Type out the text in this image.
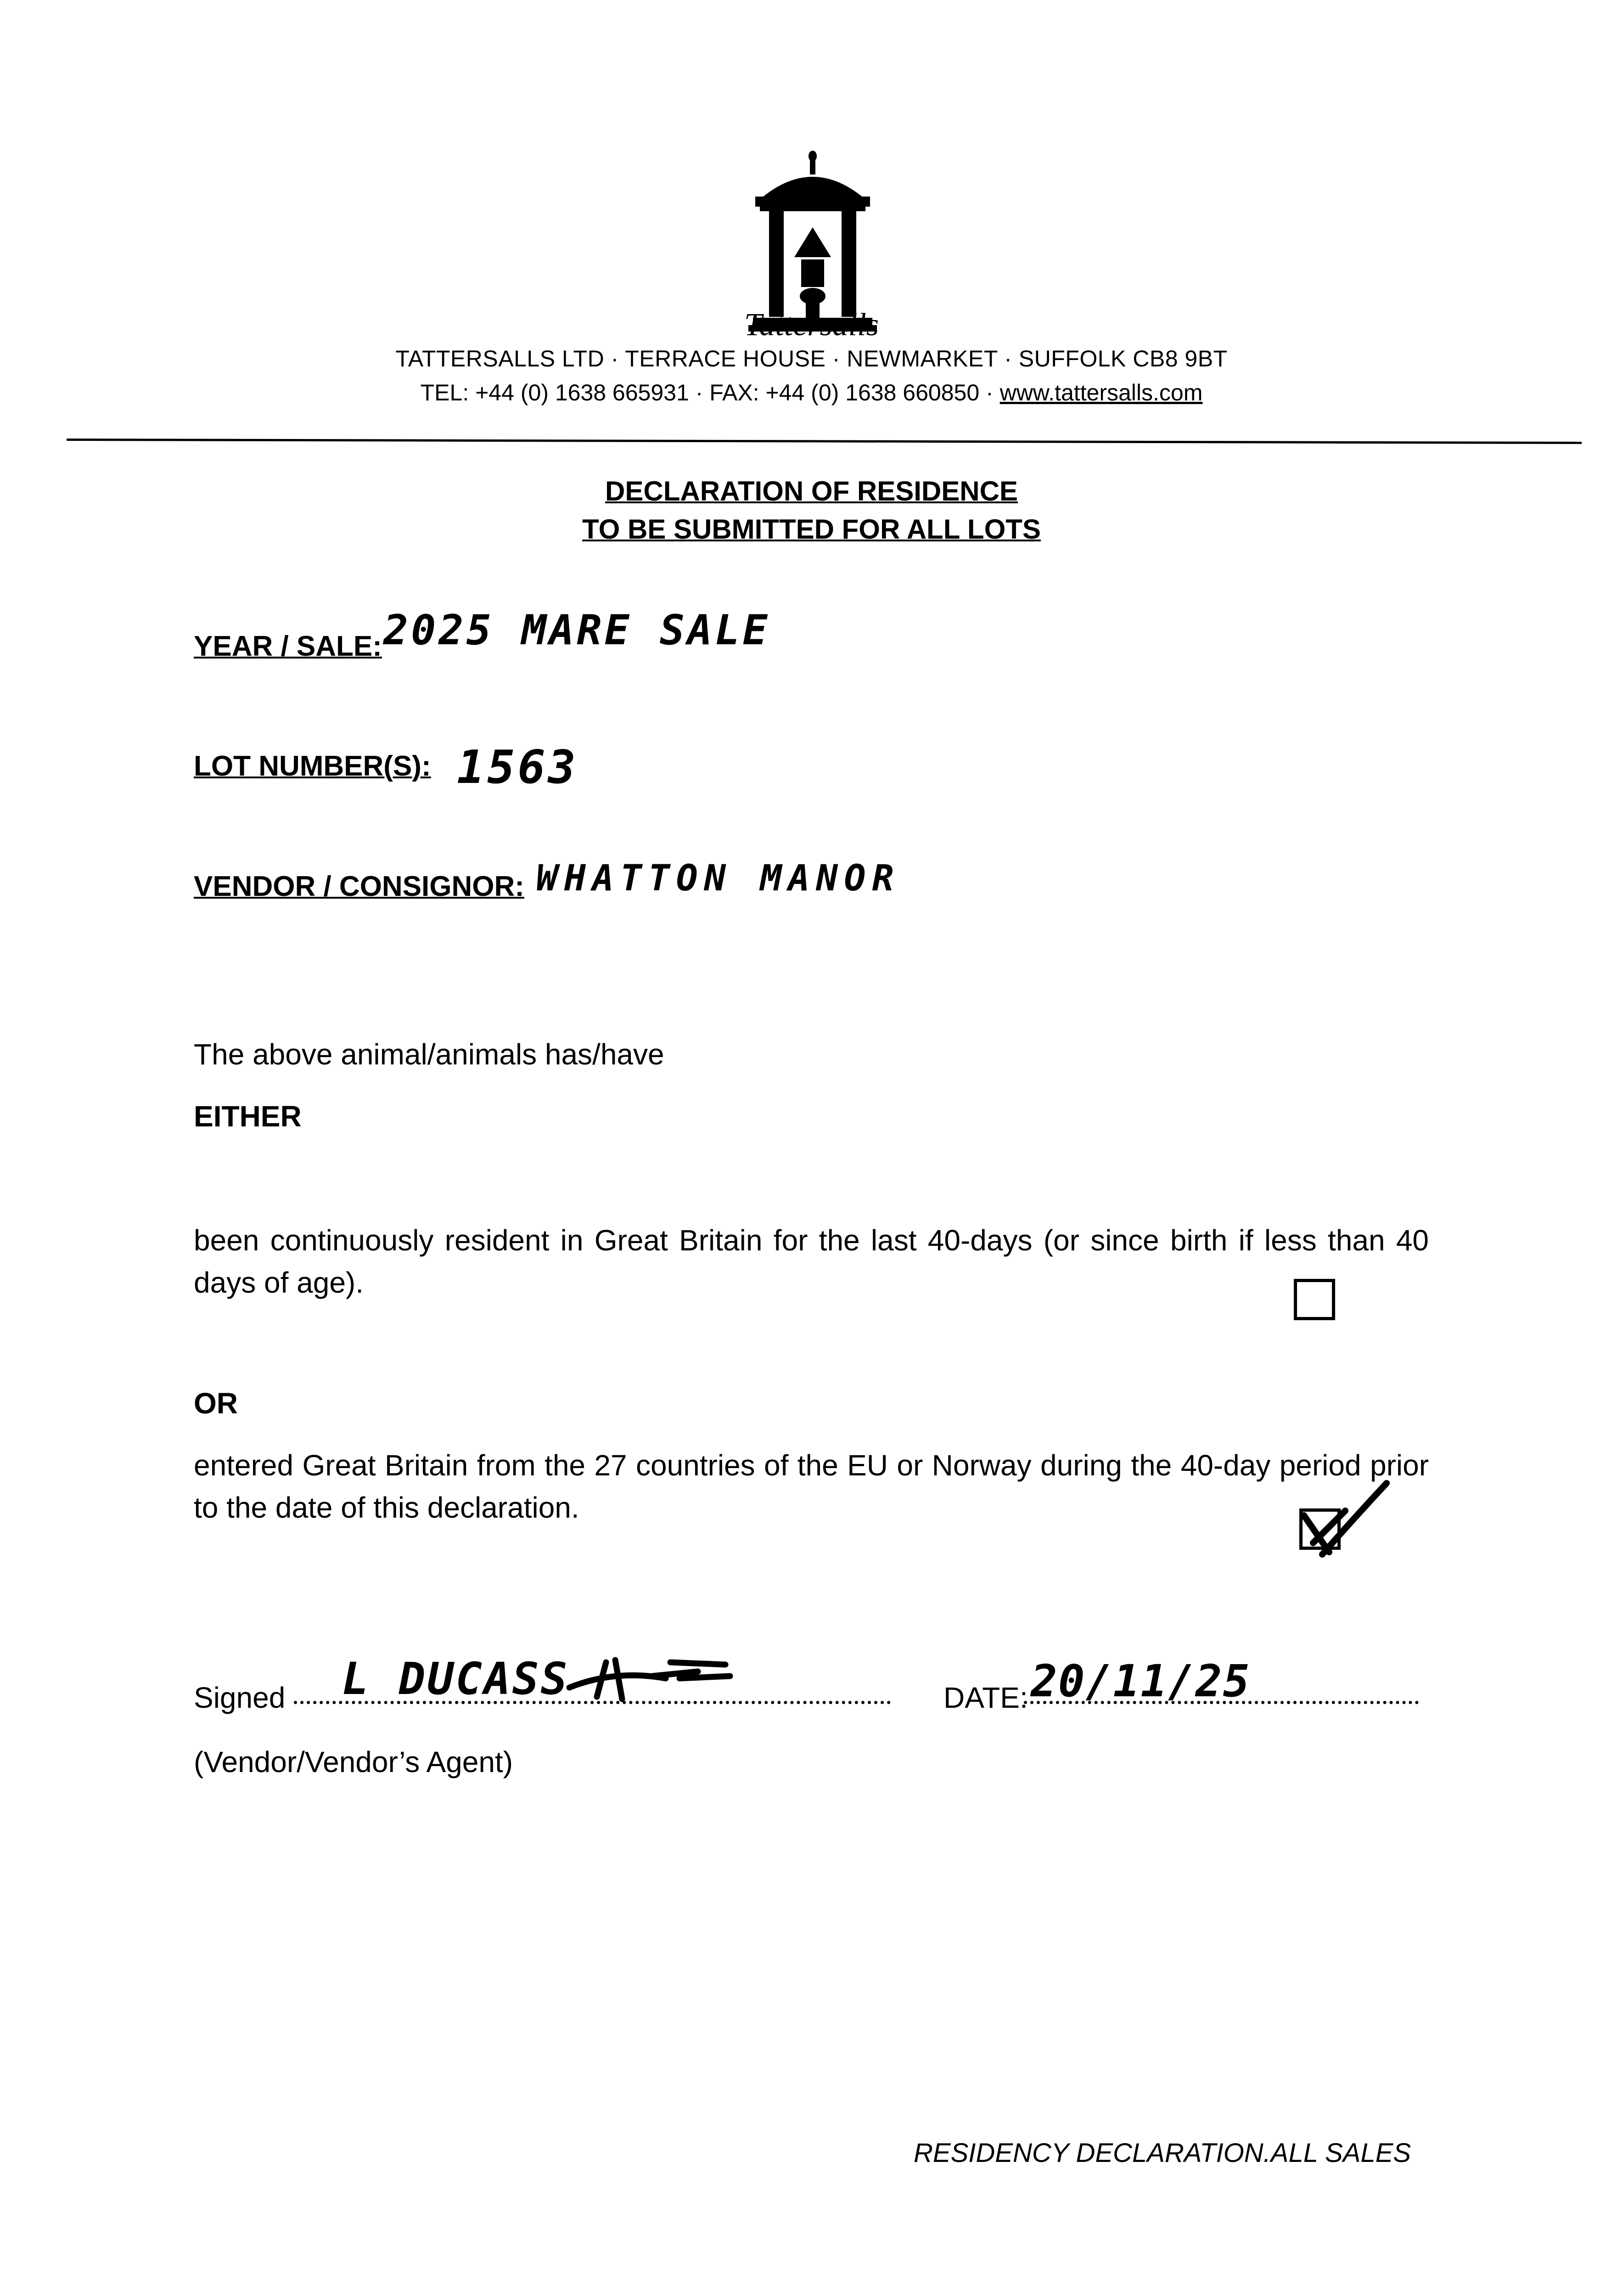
Tattersalls
TATTERSALLS LTD · TERRACE HOUSE · NEWMARKET · SUFFOLK CB8 9BT
TEL: +44 (0) 1638 665931 · FAX: +44 (0) 1638 660850 · www.tattersalls.com
DECLARATION OF RESIDENCE
TO BE SUBMITTED FOR ALL LOTS
YEAR / SALE: 2025 MARE SALE
LOT NUMBER(S): 1563
VENDOR / CONSIGNOR: WHATTON MANOR
The above animal/animals has/have
EITHER
been continuously resident in Great Britain for the last 40-days (or since birth if less than 40 days of age).
OR
entered Great Britain from the 27 countries of the EU or Norway during the 40-day period prior to the date of this declaration.
Signed L DUCASS	DATE: 20/11/25
(Vendor/Vendor’s Agent)
RESIDENCY DECLARATION.ALL SALES
